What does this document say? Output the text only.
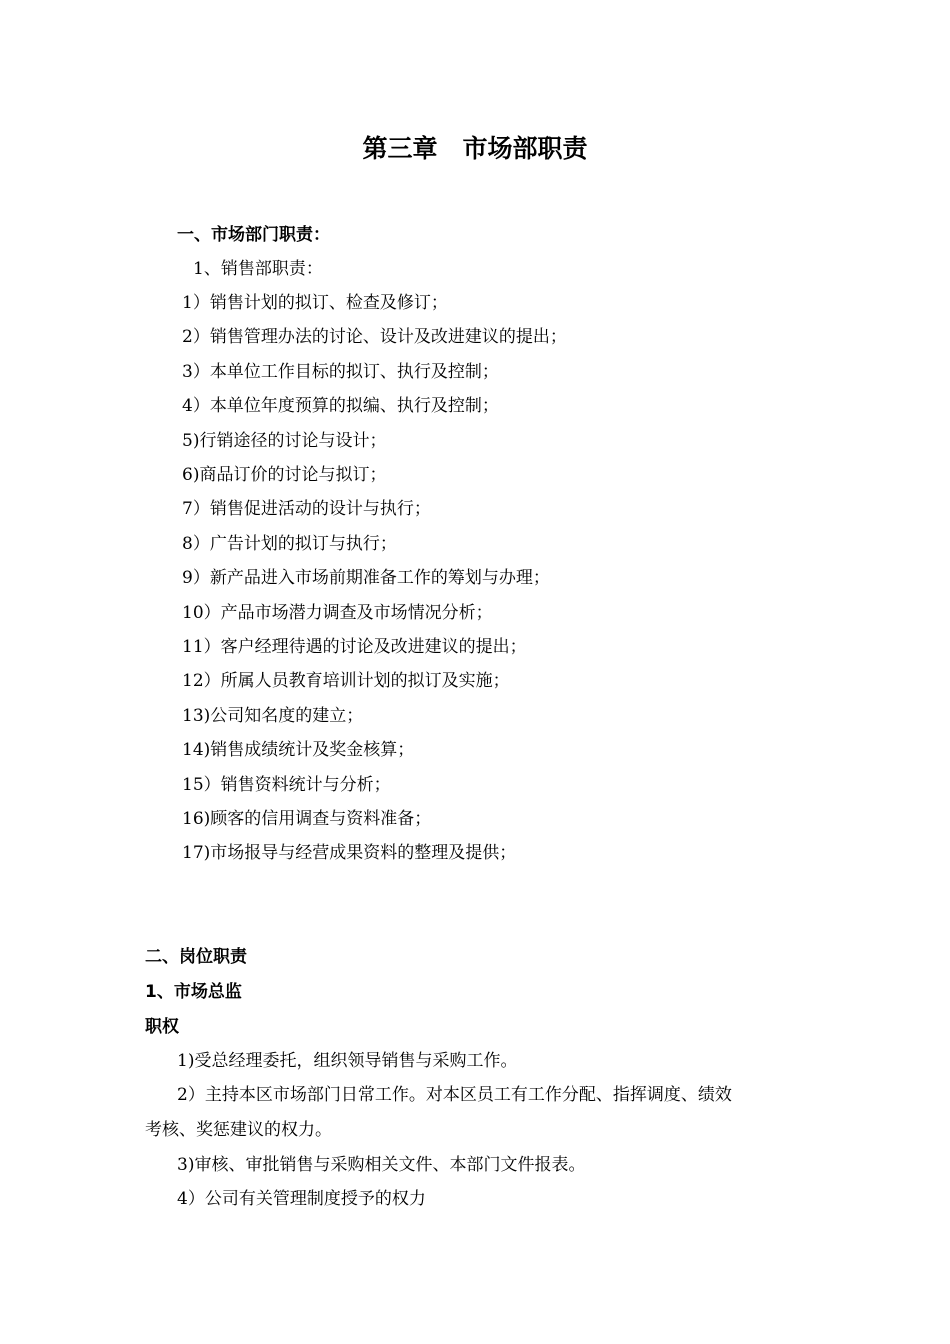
第三章　市场部职责
一、市场部门职责：
1、销售部职责：
1）销售计划的拟订、检查及修订；
2）销售管理办法的讨论、设计及改进建议的提出；
3）本单位工作目标的拟订、执行及控制；
4）本单位年度预算的拟编、执行及控制；
5)行销途径的讨论与设计；
6)商品订价的讨论与拟订；
7）销售促进活动的设计与执行；
8）广告计划的拟订与执行；
9）新产品进入市场前期准备工作的筹划与办理；
10）产品市场潜力调查及市场情况分析；
11）客户经理待遇的讨论及改进建议的提出；
12）所属人员教育培训计划的拟订及实施；
13)公司知名度的建立；
14)销售成绩统计及奖金核算；
15）销售资料统计与分析；
16)顾客的信用调查与资料准备；
17)市场报导与经营成果资料的整理及提供；
二、岗位职责
1、市场总监
职权
1)受总经理委托，组织领导销售与采购工作。
2）主持本区市场部门日常工作。对本区员工有工作分配、指挥调度、绩效
考核、奖惩建议的权力。
3)审核、审批销售与采购相关文件、本部门文件报表。
4）公司有关管理制度授予的权力
